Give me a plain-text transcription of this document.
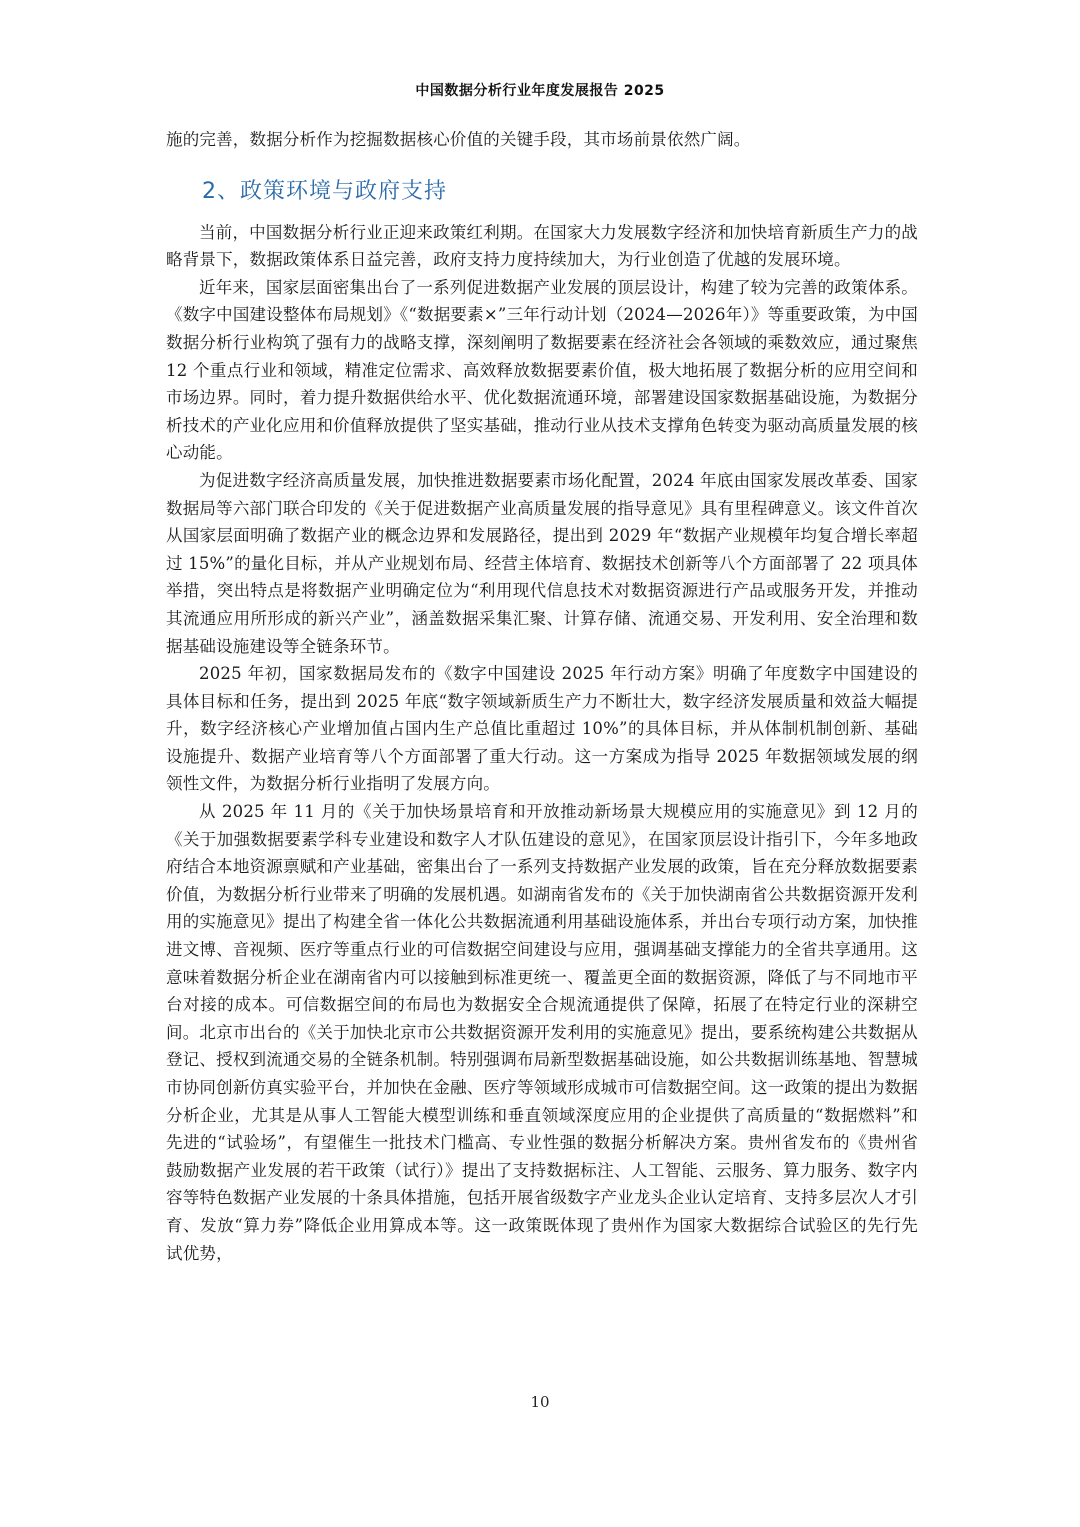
中国数据分析行业年度发展报告 2025

施的完善，数据分析作为挖掘数据核心价值的关键手段，其市场前景依然广阔。

2、政策环境与政府支持

当前，中国数据分析行业正迎来政策红利期。在国家大力发展数字经济和加快培育新质生产力的战略背景下，数据政策体系日益完善，政府支持力度持续加大，为行业创造了优越的发展环境。

近年来，国家层面密集出台了一系列促进数据产业发展的顶层设计，构建了较为完善的政策体系。《数字中国建设整体布局规划》《“数据要素×”三年行动计划（2024—2026年）》等重要政策，为中国数据分析行业构筑了强有力的战略支撑，深刻阐明了数据要素在经济社会各领域的乘数效应，通过聚焦 12 个重点行业和领域，精准定位需求、高效释放数据要素价值，极大地拓展了数据分析的应用空间和市场边界。同时，着力提升数据供给水平、优化数据流通环境，部署建设国家数据基础设施，为数据分析技术的产业化应用和价值释放提供了坚实基础，推动行业从技术支撑角色转变为驱动高质量发展的核心动能。

为促进数字经济高质量发展，加快推进数据要素市场化配置，2024 年底由国家发展改革委、国家数据局等六部门联合印发的《关于促进数据产业高质量发展的指导意见》具有里程碑意义。该文件首次从国家层面明确了数据产业的概念边界和发展路径，提出到 2029 年“数据产业规模年均复合增长率超过 15%”的量化目标，并从产业规划布局、经营主体培育、数据技术创新等八个方面部署了 22 项具体举措，突出特点是将数据产业明确定位为“利用现代信息技术对数据资源进行产品或服务开发，并推动其流通应用所形成的新兴产业”，涵盖数据采集汇聚、计算存储、流通交易、开发利用、安全治理和数据基础设施建设等全链条环节。

2025 年初，国家数据局发布的《数字中国建设 2025 年行动方案》明确了年度数字中国建设的具体目标和任务，提出到 2025 年底“数字领域新质生产力不断壮大，数字经济发展质量和效益大幅提升，数字经济核心产业增加值占国内生产总值比重超过 10%”的具体目标，并从体制机制创新、基础设施提升、数据产业培育等八个方面部署了重大行动。这一方案成为指导 2025 年数据领域发展的纲领性文件，为数据分析行业指明了发展方向。

从 2025 年 11 月的《关于加快场景培育和开放推动新场景大规模应用的实施意见》到 12 月的《关于加强数据要素学科专业建设和数字人才队伍建设的意见》，在国家顶层设计指引下，今年多地政府结合本地资源禀赋和产业基础，密集出台了一系列支持数据产业发展的政策，旨在充分释放数据要素价值，为数据分析行业带来了明确的发展机遇。如湖南省发布的《关于加快湖南省公共数据资源开发利用的实施意见》提出了构建全省一体化公共数据流通利用基础设施体系，并出台专项行动方案，加快推进文博、音视频、医疗等重点行业的可信数据空间建设与应用，强调基础支撑能力的全省共享通用。这意味着数据分析企业在湖南省内可以接触到标准更统一、覆盖更全面的数据资源，降低了与不同地市平台对接的成本。可信数据空间的布局也为数据安全合规流通提供了保障，拓展了在特定行业的深耕空间。北京市出台的《关于加快北京市公共数据资源开发利用的实施意见》提出，要系统构建公共数据从登记、授权到流通交易的全链条机制。特别强调布局新型数据基础设施，如公共数据训练基地、智慧城市协同创新仿真实验平台，并加快在金融、医疗等领域形成城市可信数据空间。这一政策的提出为数据分析企业，尤其是从事人工智能大模型训练和垂直领域深度应用的企业提供了高质量的“数据燃料”和先进的“试验场”，有望催生一批技术门槛高、专业性强的数据分析解决方案。贵州省发布的《贵州省鼓励数据产业发展的若干政策（试行）》提出了支持数据标注、人工智能、云服务、算力服务、数字内容等特色数据产业发展的十条具体措施，包括开展省级数字产业龙头企业认定培育、支持多层次人才引育、发放“算力券”降低企业用算成本等。这一政策既体现了贵州作为国家大数据综合试验区的先行先试优势，

10
